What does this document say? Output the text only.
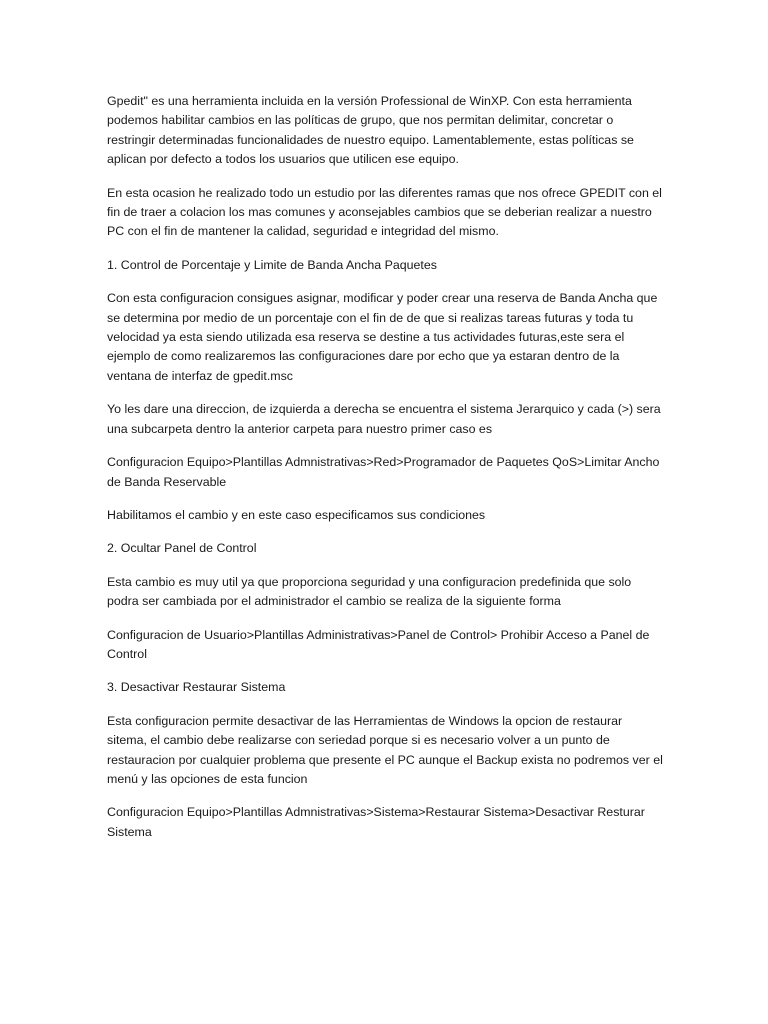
Gpedit" es una herramienta incluida en la versión Professional de WinXP. Con esta herramienta podemos habilitar cambios en las políticas de grupo, que nos permitan delimitar, concretar o restringir determinadas funcionalidades de nuestro equipo. Lamentablemente, estas políticas se aplican por defecto a todos los usuarios que utilicen ese equipo.

En esta ocasion he realizado todo un estudio por las diferentes ramas que nos ofrece GPEDIT con el fin de traer a colacion los mas comunes y aconsejables cambios que se deberian realizar a nuestro PC con el fin de mantener la calidad, seguridad e integridad del mismo.

1. Control de Porcentaje y Limite de Banda Ancha Paquetes

Con esta configuracion consigues asignar, modificar y poder crear una reserva de Banda Ancha que se determina por medio de un porcentaje con el fin de de que si realizas tareas futuras y toda tu velocidad ya esta siendo utilizada esa reserva se destine a tus actividades futuras,este sera el ejemplo de como realizaremos las configuraciones dare por echo que ya estaran dentro de la ventana de interfaz de gpedit.msc

Yo les dare una direccion, de izquierda a derecha se encuentra el sistema Jerarquico y cada (>) sera una subcarpeta dentro la anterior carpeta para nuestro primer caso es

Configuracion Equipo>Plantillas Admnistrativas>Red>Programador de Paquetes QoS>Limitar Ancho de Banda Reservable

Habilitamos el cambio y en este caso especificamos sus condiciones

2. Ocultar Panel de Control

Esta cambio es muy util ya que proporciona seguridad y una configuracion predefinida que solo podra ser cambiada por el administrador el cambio se realiza de la siguiente forma

Configuracion de Usuario>Plantillas Administrativas>Panel de Control> Prohibir Acceso a Panel de Control

3. Desactivar Restaurar Sistema

Esta configuracion permite desactivar de las Herramientas de Windows la opcion de restaurar sitema, el cambio debe realizarse con seriedad porque si es necesario volver a un punto de restauracion por cualquier problema que presente el PC aunque el Backup exista no podremos ver el menú y las opciones de esta funcion

Configuracion Equipo>Plantillas Admnistrativas>Sistema>Restaurar Sistema>Desactivar Resturar Sistema
